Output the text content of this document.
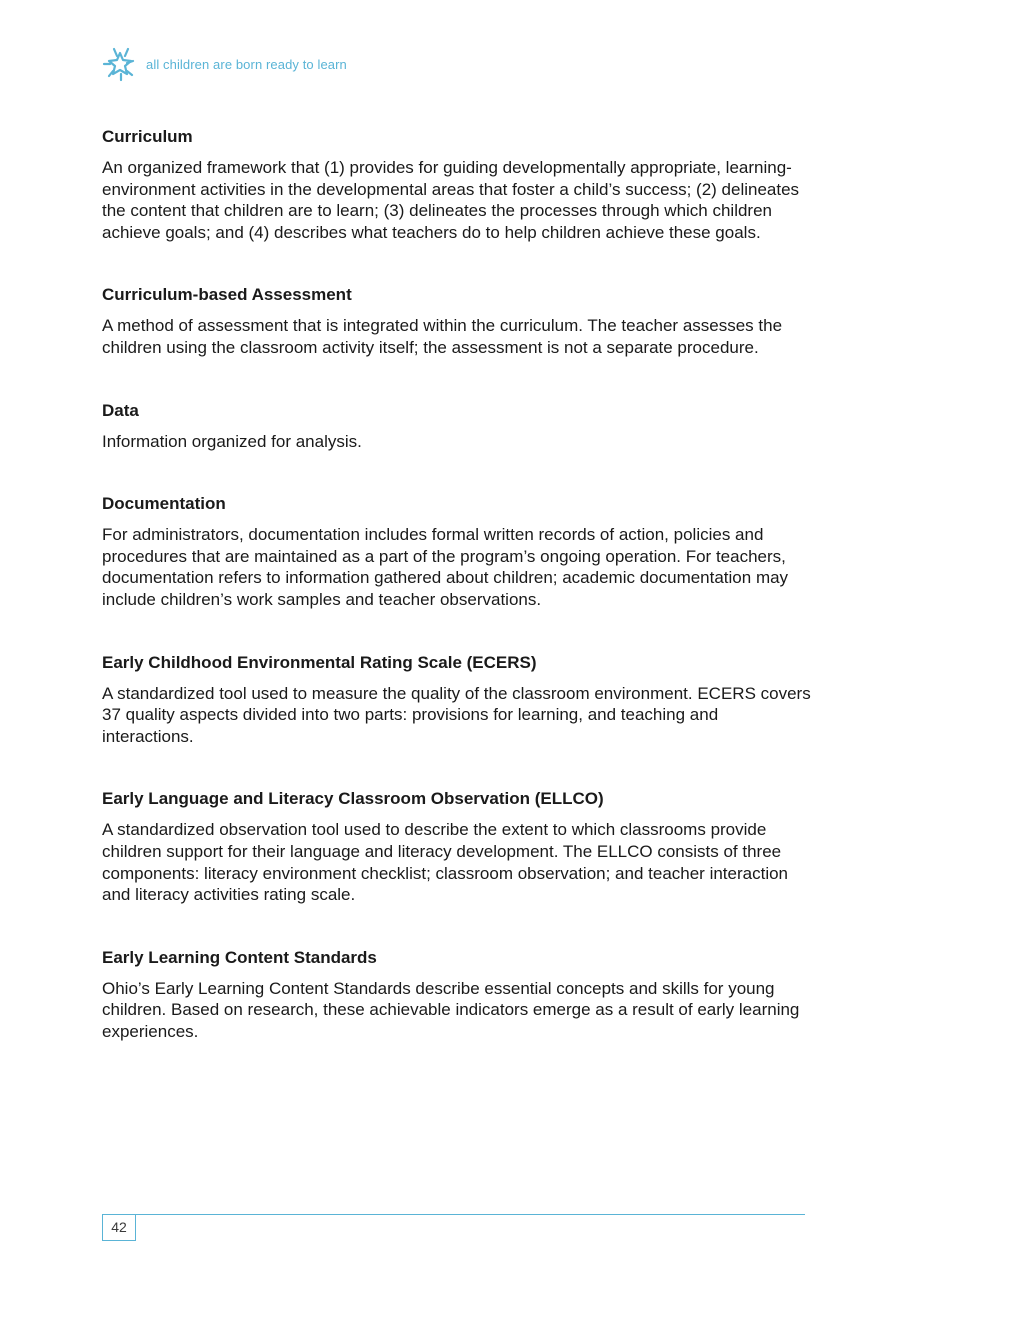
all children are born ready to learn
Curriculum

An organized framework that (1) provides for guiding developmentally appropriate, learning-environment activities in the developmental areas that foster a child’s success; (2) delineates the content that children are to learn; (3) delineates the processes through which children achieve goals; and (4) describes what teachers do to help children achieve these goals.

Curriculum-based Assessment

A method of assessment that is integrated within the curriculum. The teacher assesses the children using the classroom activity itself; the assessment is not a separate procedure.

Data

Information organized for analysis.

Documentation

For administrators, documentation includes formal written records of action, policies and procedures that are maintained as a part of the program’s ongoing operation. For teachers, documentation refers to information gathered about children; academic documentation may include children’s work samples and teacher observations.

Early Childhood Environmental Rating Scale (ECERS)

A standardized tool used to measure the quality of the classroom environment. ECERS covers 37 quality aspects divided into two parts: provisions for learning, and teaching and interactions.

Early Language and Literacy Classroom Observation (ELLCO)

A standardized observation tool used to describe the extent to which classrooms provide children support for their language and literacy development. The ELLCO consists of three components: literacy environment checklist; classroom observation; and teacher interaction and literacy activities rating scale.

Early Learning Content Standards

Ohio’s Early Learning Content Standards describe essential concepts and skills for young children. Based on research, these achievable indicators emerge as a result of early learning experiences.

42
